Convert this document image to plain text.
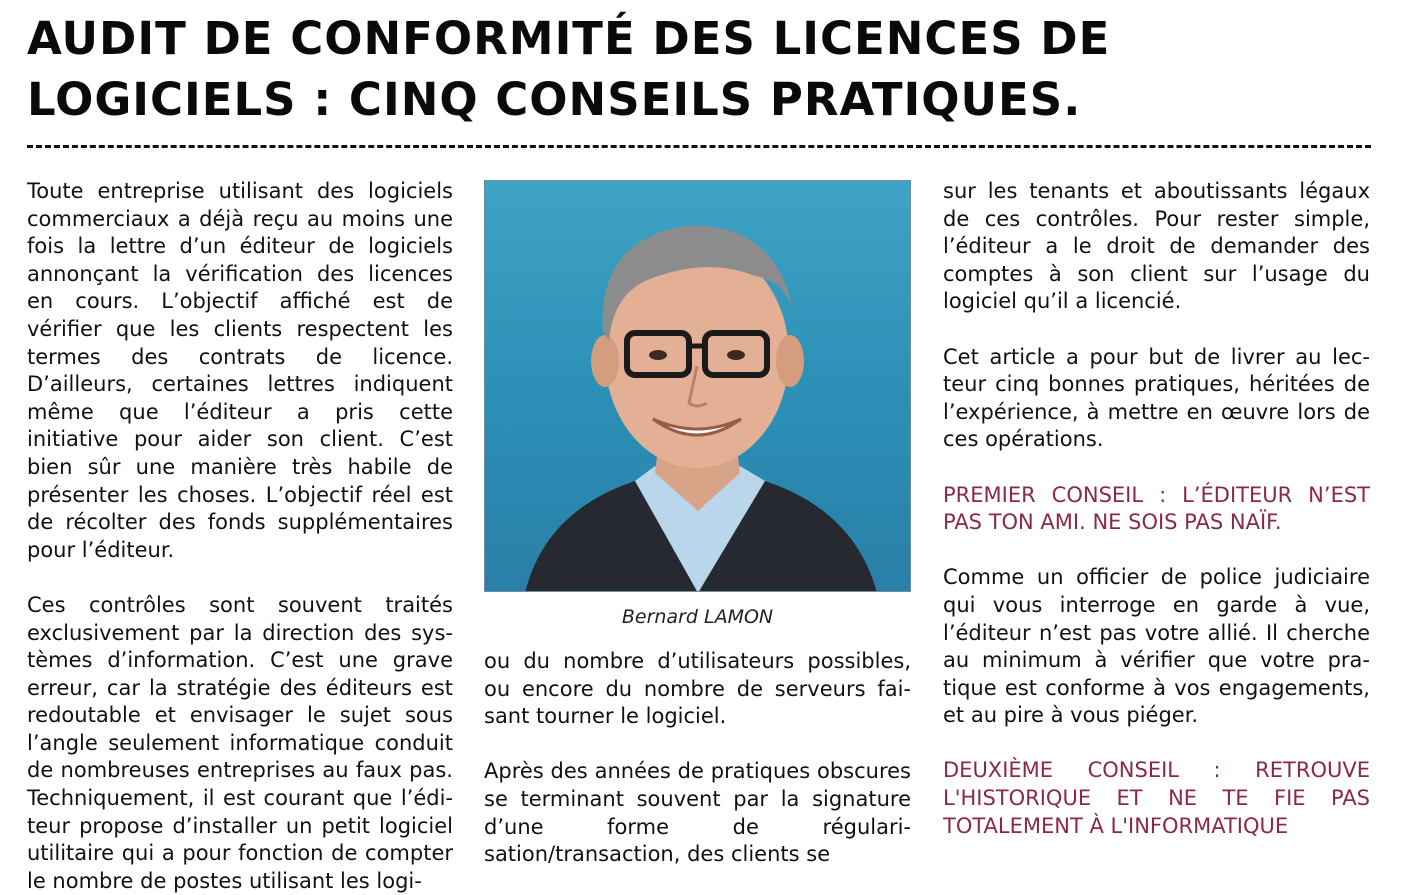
AUDIT DE CONFORMITÉ DES LICENCES DE LOGICIELS : CINQ CONSEILS PRATIQUES.

Toute entreprise utilisant des logiciels commerciaux a déjà reçu au moins une fois la lettre d’un éditeur de logiciels annonçant la vérification des licences en cours. L’objectif affiché est de vérifier que les clients respectent les termes des contrats de licence. D’ailleurs, certaines lettres indiquent même que l’éditeur a pris cette initiative pour aider son client. C’est bien sûr une manière très habile de présenter les choses. L’objectif réel est de récolter des fonds supplémentaires pour l’éditeur.

Ces contrôles sont souvent traités exclusivement par la direction des systèmes d’information. C’est une grave erreur, car la stratégie des éditeurs est redoutable et envisager le sujet sous l’angle seulement informatique conduit de nombreuses entreprises au faux pas. Techniquement, il est courant que l’éditeur propose d’installer un petit logiciel utilitaire qui a pour fonction de compter le nombre de postes utilisant les logi-

Bernard LAMON

ou du nombre d’utilisateurs possibles, ou encore du nombre de serveurs faisant tourner le logiciel.

Après des années de pratiques obscures se terminant souvent par la signature d’une forme de régularisation/transaction, des clients se

sur les tenants et aboutissants légaux de ces contrôles. Pour rester simple, l’éditeur a le droit de demander des comptes à son client sur l’usage du logiciel qu’il a licencié.

Cet article a pour but de livrer au lecteur cinq bonnes pratiques, héritées de l’expérience, à mettre en œuvre lors de ces opérations.

PREMIER CONSEIL : L’ÉDITEUR N’EST PAS TON AMI. NE SOIS PAS NAÏF.

Comme un officier de police judiciaire qui vous interroge en garde à vue, l’éditeur n’est pas votre allié. Il cherche au minimum à vérifier que votre pratique est conforme à vos engagements, et au pire à vous piéger.

DEUXIÈME CONSEIL : RETROUVE L'HISTORIQUE ET NE TE FIE PAS TOTALEMENT À L'INFORMATIQUE
